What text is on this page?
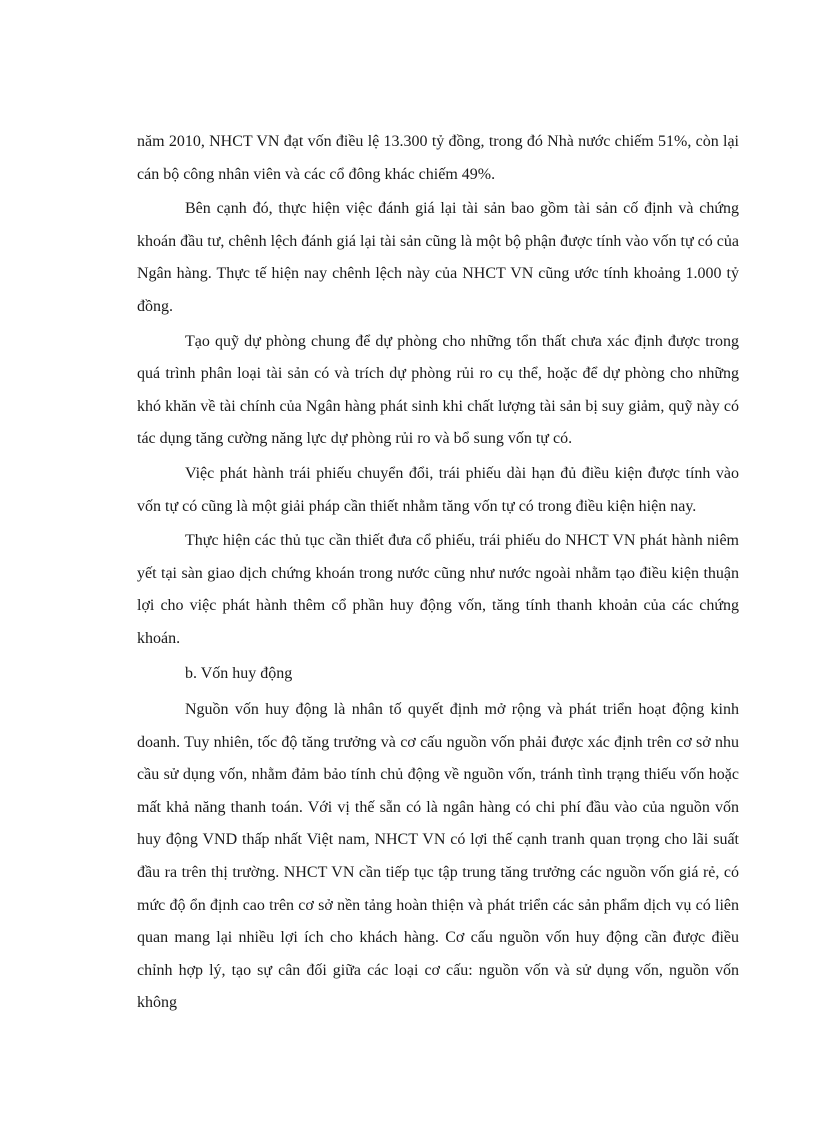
năm 2010, NHCT VN đạt vốn điều lệ 13.300 tỷ đồng, trong đó Nhà nước chiếm 51%, còn lại cán bộ công nhân viên và các cổ đông khác chiếm 49%.

Bên cạnh đó, thực hiện việc đánh giá lại tài sản bao gồm tài sản cố định và chứng khoán đầu tư, chênh lệch đánh giá lại tài sản cũng là một bộ phận được tính vào vốn tự có của Ngân hàng. Thực tế hiện nay chênh lệch này của NHCT VN cũng ước tính khoảng 1.000 tỷ đồng.

Tạo quỹ dự phòng chung để dự phòng cho những tổn thất chưa xác định được trong quá trình phân loại tài sản có và trích dự phòng rủi ro cụ thể, hoặc để dự phòng cho những khó khăn về tài chính của Ngân hàng phát sinh khi chất lượng tài sản bị suy giảm, quỹ này có tác dụng tăng cường năng lực dự phòng rủi ro và bổ sung vốn tự có.

Việc phát hành trái phiếu chuyển đổi, trái phiếu dài hạn đủ điều kiện được tính vào vốn tự có cũng là một giải pháp cần thiết nhằm tăng vốn tự có trong điều kiện hiện nay.

Thực hiện các thủ tục cần thiết đưa cổ phiếu, trái phiếu do NHCT VN phát hành niêm yết tại sàn giao dịch chứng khoán trong nước cũng như nước ngoài nhằm tạo điều kiện thuận lợi cho việc phát hành thêm cổ phần huy động vốn, tăng tính thanh khoản của các chứng khoán.

b. Vốn huy động

Nguồn vốn huy động là nhân tố quyết định mở rộng và phát triển hoạt động kinh doanh. Tuy nhiên, tốc độ tăng trưởng và cơ cấu nguồn vốn phải được xác định trên cơ sở nhu cầu sử dụng vốn, nhằm đảm bảo tính chủ động về nguồn vốn, tránh tình trạng thiếu vốn hoặc mất khả năng thanh toán. Với vị thế sẵn có là ngân hàng có chi phí đầu vào của nguồn vốn huy động VND thấp nhất Việt nam, NHCT VN có lợi thế cạnh tranh quan trọng cho lãi suất đầu ra trên thị trường. NHCT VN cần tiếp tục tập trung tăng trưởng các nguồn vốn giá rẻ, có mức độ ổn định cao trên cơ sở nền tảng hoàn thiện và phát triển các sản phẩm dịch vụ có liên quan mang lại nhiều lợi ích cho khách hàng. Cơ cấu nguồn vốn huy động cần được điều chỉnh hợp lý, tạo sự cân đối giữa các loại cơ cấu: nguồn vốn và sử dụng vốn, nguồn vốn không
